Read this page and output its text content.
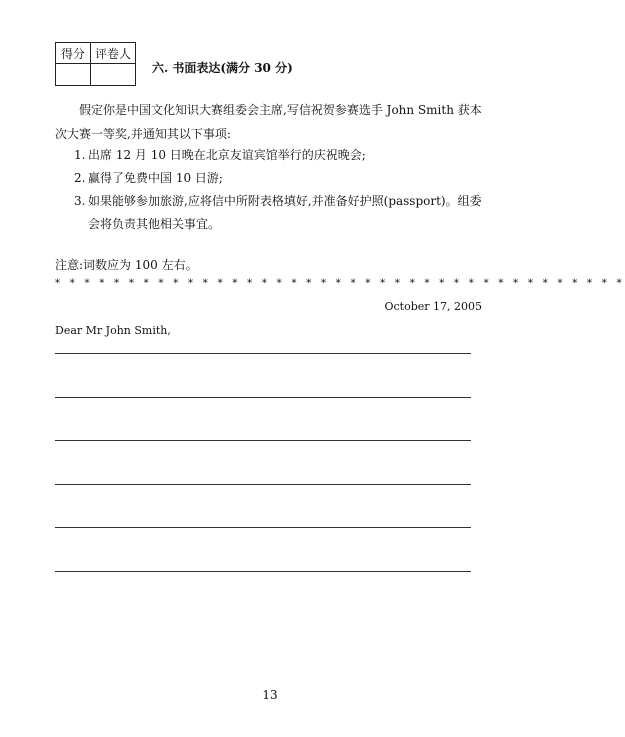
得分	评卷人

六. 书面表达(满分 30 分)

假定你是中国文化知识大赛组委会主席,写信祝贺参赛选手 John Smith 获本次大赛一等奖,并通知其以下事项:

1. 出席 12 月 10 日晚在北京友谊宾馆举行的庆祝晚会;
2. 赢得了免费中国 10 日游;
3. 如果能够参加旅游,应将信中所附表格填好,并准备好护照(passport)。组委会将负责其他相关事宜。
注意:词数应为 100 左右。
* * * * * * * * * * * * * * * * * * * * * * * * * * * * * * * * * * * * * * *
October 17, 2005
Dear Mr John Smith,
13
